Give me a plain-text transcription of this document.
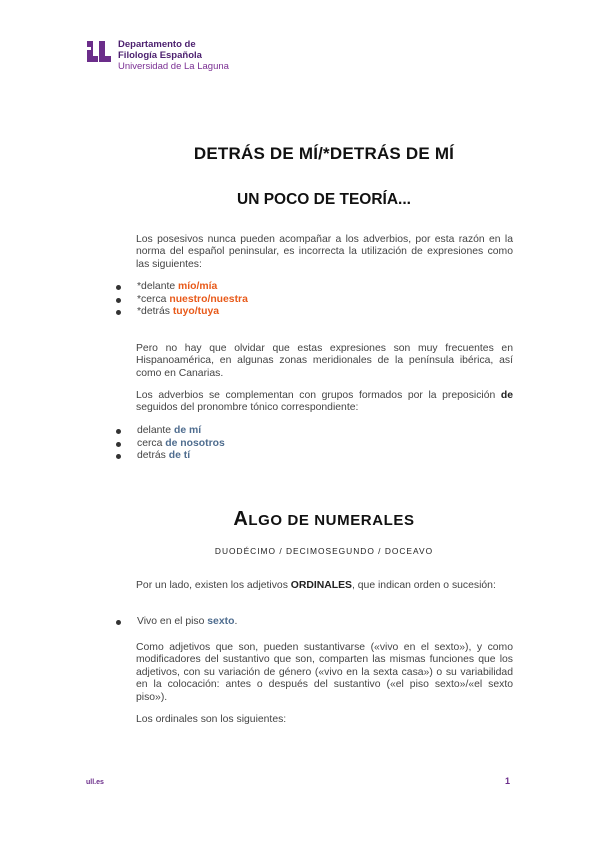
Departamento de
Filología Española
Universidad de La Laguna
DETRÁS DE MÍ/*DETRÁS DE MÍ
UN POCO DE TEORÍA...

Los posesivos nunca pueden acompañar a los adverbios, por esta razón en la norma del español peninsular, es incorrecta la utilización de expresiones como las siguientes:

*delante mío/mía
*cerca nuestro/nuestra
*detrás tuyo/tuya

Pero no hay que olvidar que estas expresiones son muy frecuentes en Hispanoamérica, en algunas zonas meridionales de la península ibérica, así como en Canarias.

Los adverbios se complementan con grupos formados por la preposición de seguidos del pronombre tónico correspondiente:

delante de mí
cerca de nosotros
detrás de tí
ALGO DE NUMERALES
DUODÉCIMO / DECIMOSEGUNDO / DOCEAVO

Por un lado, existen los adjetivos ORDINALES, que indican orden o sucesión:

Vivo en el piso sexto.

Como adjetivos que son, pueden sustantivarse («vivo en el sexto»), y como modificadores del sustantivo que son, comparten las mismas funciones que los adjetivos, con su variación de género («vivo en la sexta casa») o su variabilidad en la colocación: antes o después del sustantivo («el piso sexto»/«el sexto piso»).

Los ordinales son los siguientes:

ull.es	1
